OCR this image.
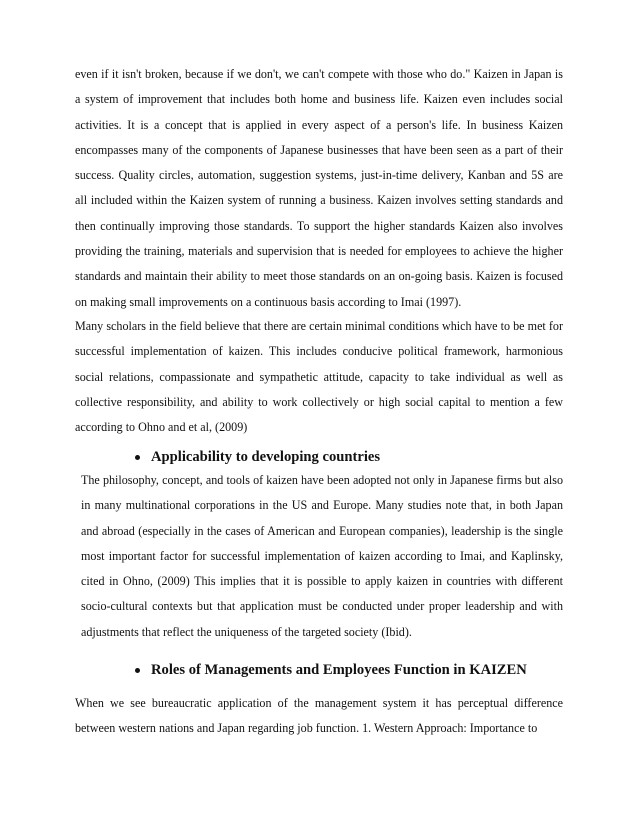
even if it isn't broken, because if we don't, we can't compete with those who do." Kaizen in Japan is a system of improvement that includes both home and business life. Kaizen even includes social activities. It is a concept that is applied in every aspect of a person's life. In business Kaizen encompasses many of the components of Japanese businesses that have been seen as a part of their success. Quality circles, automation, suggestion systems, just-in-time delivery, Kanban and 5S are all included within the Kaizen system of running a business. Kaizen involves setting standards and then continually improving those standards. To support the higher standards Kaizen also involves providing the training, materials and supervision that is needed for employees to achieve the higher standards and maintain their ability to meet those standards on an on-going basis. Kaizen is focused on making small improvements on a continuous basis according to Imai (1997).

Many scholars in the field believe that there are certain minimal conditions which have to be met for successful implementation of kaizen. This includes conducive political framework, harmonious social relations, compassionate and sympathetic attitude, capacity to take individual as well as collective responsibility, and ability to work collectively or high social capital to mention a few according to Ohno and et al, (2009)

Applicability to developing countries

The philosophy, concept, and tools of kaizen have been adopted not only in Japanese firms but also in many multinational corporations in the US and Europe. Many studies note that, in both Japan and abroad (especially in the cases of American and European companies), leadership is the single most important factor for successful implementation of kaizen according to Imai, and Kaplinsky, cited in Ohno, (2009) This implies that it is possible to apply kaizen in countries with different socio-cultural contexts but that application must be conducted under proper leadership and with adjustments that reflect the uniqueness of the targeted society (Ibid).

Roles of Managements and Employees Function in KAIZEN

When we see bureaucratic application of the management system it has perceptual difference between western nations and Japan regarding job function. 1. Western Approach: Importance to
